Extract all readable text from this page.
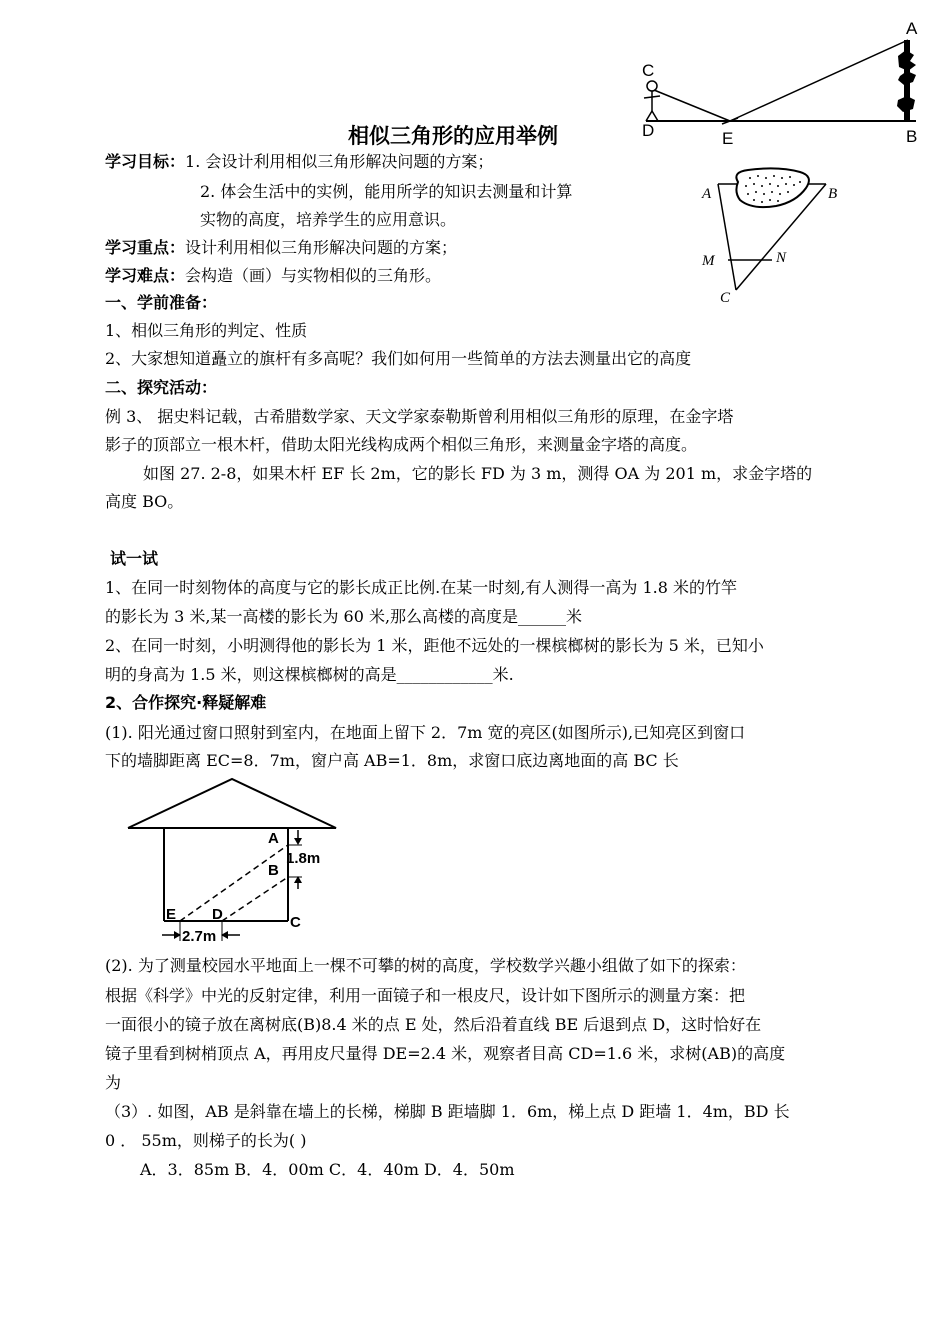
相似三角形的应用举例
C
D	E
A
B
A	B
M	N
C
学习目标：1. 会设计利用相似三角形解决问题的方案；
2. 体会生活中的实例，能用所学的知识去测量和计算
实物的高度，培养学生的应用意识。
学习重点：设计利用相似三角形解决问题的方案；
学习难点：会构造（画）与实物相似的三角形。
一、学前准备：
1、相似三角形的判定、性质
2、大家想知道矗立的旗杆有多高呢？我们如何用一些简单的方法去测量出它的高度
二、探究活动：
例 3、 据史料记载，古希腊数学家、天文学家泰勒斯曾利用相似三角形的原理，在金字塔
影子的顶部立一根木杆，借助太阳光线构成两个相似三角形，来测量金字塔的高度。
如图 27. 2-8，如果木杆 EF 长 2m，它的影长 FD 为 3 m，测得 OA 为 201 m，求金字塔的
高度 BO。
试一试
1、在同一时刻物体的高度与它的影长成正比例.在某一时刻,有人测得一高为 1.8 米的竹竿
的影长为 3 米,某一高楼的影长为 60 米,那么高楼的高度是______米
2、在同一时刻，小明测得他的影长为 1 米，距他不远处的一棵槟榔树的影长为 5 米，已知小
明的身高为 1.5 米，则这棵槟榔树的高是____________米.
2、合作探究·释疑解难
(1). 阳光通过窗口照射到室内，在地面上留下 2．7m 宽的亮区(如图所示),已知亮区到窗口
下的墙脚距离 EC=8．7m，窗户高 AB=1．8m，求窗口底边离地面的高 BC 长
A
B
C
D
E
1.8m
2.7m
(2). 为了测量校园水平地面上一棵不可攀的树的高度，学校数学兴趣小组做了如下的探索：
根据《科学》中光的反射定律，利用一面镜子和一根皮尺，设计如下图所示的测量方案：把
一面很小的镜子放在离树底(B)8.4 米的点 E 处，然后沿着直线 BE 后退到点 D，这时恰好在
镜子里看到树梢顶点 A，再用皮尺量得 DE=2.4 米，观察者目高 CD=1.6 米，求树(AB)的高度
为
（3）. 如图，AB 是斜靠在墙上的长梯，梯脚 B 距墙脚 1．6m，梯上点 D 距墙 1．4m，BD 长
0 ． 55m，则梯子的长为( )
A．3．85m B．4．00m C．4．40m D．4．50m
